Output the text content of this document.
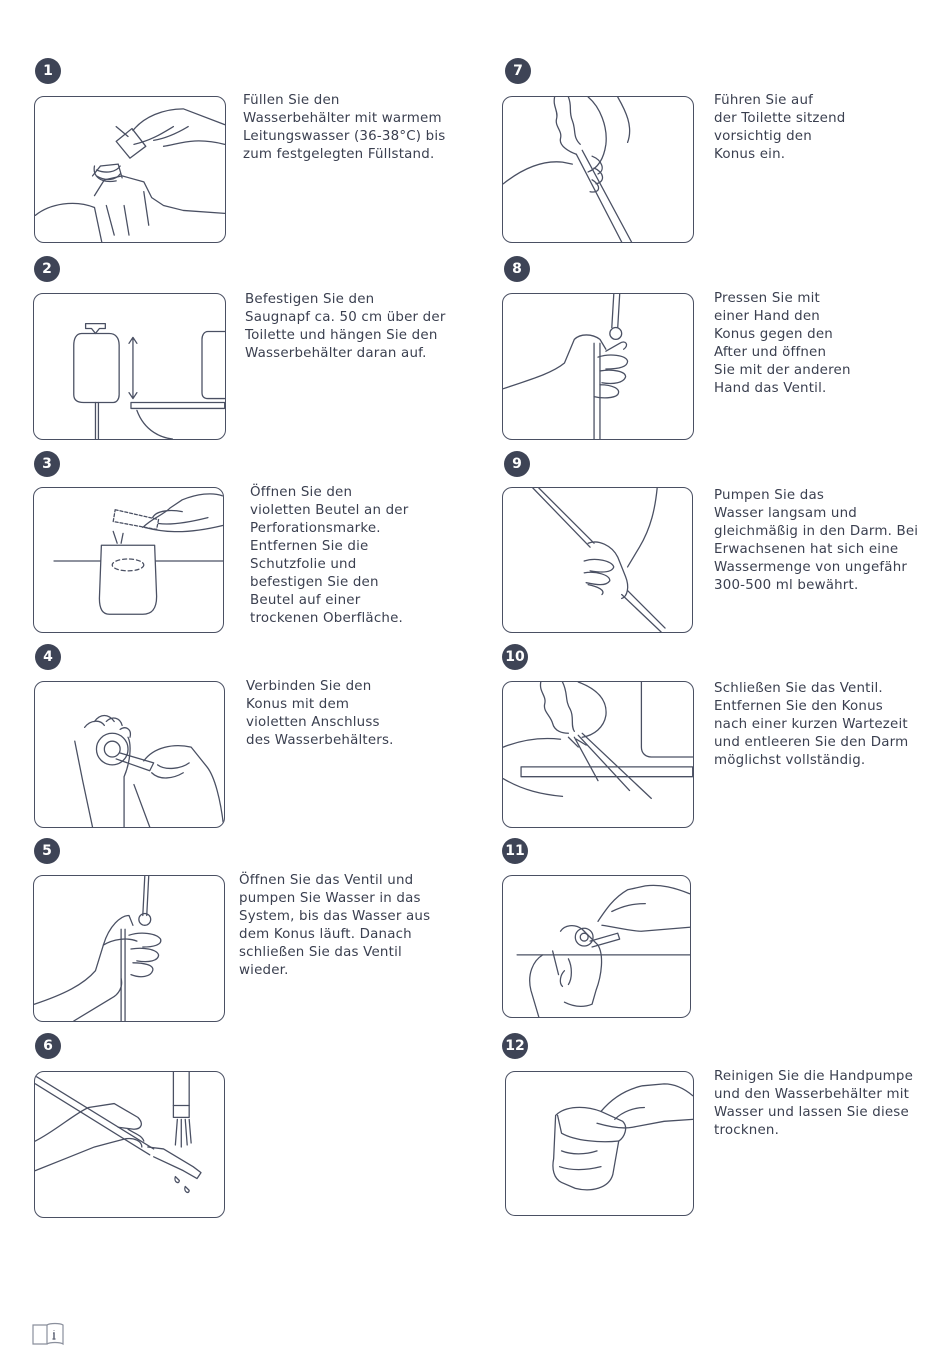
1
Füllen Sie den
Wasserbehälter mit warmem
Leitungswasser (36-38°C) bis
zum festgelegten Füllstand.
2
Befestigen Sie den
Saugnapf ca. 50 cm über der
Toilette und hängen Sie den
Wasserbehälter daran auf.
3
Öffnen Sie den
violetten Beutel an der
Perforationsmarke.
Entfernen Sie die
Schutzfolie und
befestigen Sie den
Beutel auf einer
trockenen Oberfläche.
4
Verbinden Sie den
Konus mit dem
violetten Anschluss
des Wasserbehälters.
5
Öffnen Sie das Ventil und
pumpen Sie Wasser in das
System, bis das Wasser aus
dem Konus läuft. Danach
schließen Sie das Ventil
wieder.
6
7
Führen Sie auf
der Toilette sitzend
vorsichtig den
Konus ein.
8
Pressen Sie mit
einer Hand den
Konus gegen den
After und öffnen
Sie mit der anderen
Hand das Ventil.
9
Pumpen Sie das
Wasser langsam und
gleichmäßig in den Darm. Bei
Erwachsenen hat sich eine
Wassermenge von ungefähr
300-500 ml bewährt.
10
Schließen Sie das Ventil.
Entfernen Sie den Konus
nach einer kurzen Wartezeit
und entleeren Sie den Darm
möglichst vollständig.
11
12
Reinigen Sie die Handpumpe
und den Wasserbehälter mit
Wasser und lassen Sie diese
trocknen.
